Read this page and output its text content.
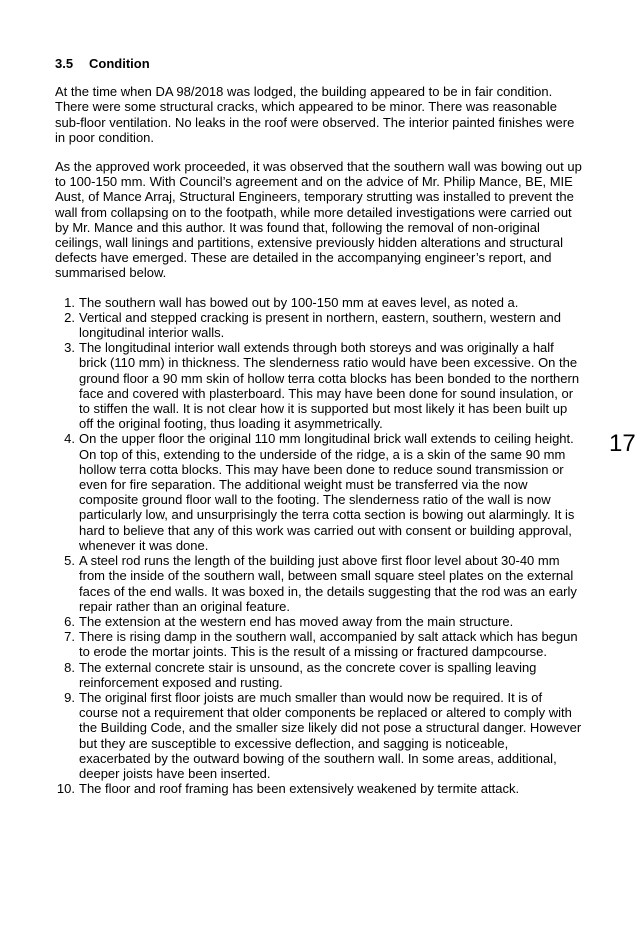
3.5	Condition

At the time when DA 98/2018 was lodged, the building appeared to be in fair condition. There were some structural cracks, which appeared to be minor. There was reasonable sub-floor ventilation. No leaks in the roof were observed. The interior painted finishes were in poor condition.

As the approved work proceeded, it was observed that the southern wall was bowing out up to 100-150 mm. With Council’s agreement and on the advice of Mr. Philip Mance, BE, MIE Aust, of Mance Arraj, Structural Engineers, temporary strutting was installed to prevent the wall from collapsing on to the footpath, while more detailed investigations were carried out by Mr. Mance and this author. It was found that, following the removal of non-original ceilings, wall linings and partitions, extensive previously hidden alterations and structural defects have emerged. These are detailed in the accompanying engineer’s report, and summarised below.

1. The southern wall has bowed out by 100-150 mm at eaves level, as noted a.
2. Vertical and stepped cracking is present in northern, eastern, southern, western and longitudinal interior walls.
3. The longitudinal interior wall extends through both storeys and was originally a half brick (110 mm) in thickness. The slenderness ratio would have been excessive. On the ground floor a 90 mm skin of hollow terra cotta blocks has been bonded to the northern face and covered with plasterboard. This may have been done for sound insulation, or to stiffen the wall. It is not clear how it is supported but most likely it has been built up off the original footing, thus loading it asymmetrically.
4. On the upper floor the original 110 mm longitudinal brick wall extends to ceiling height. On top of this, extending to the underside of the ridge, a is a skin of the same 90 mm hollow terra cotta blocks. This may have been done to reduce sound transmission or even for fire separation. The additional weight must be transferred via the now composite ground floor wall to the footing. The slenderness ratio of the wall is now particularly low, and unsurprisingly the terra cotta section is bowing out alarmingly. It is hard to believe that any of this work was carried out with consent or building approval, whenever it was done.
5. A steel rod runs the length of the building just above first floor level about 30-40 mm from the inside of the southern wall, between small square steel plates on the external faces of the end walls. It was boxed in, the details suggesting that the rod was an early repair rather than an original feature.
6. The extension at the western end has moved away from the main structure.
7. There is rising damp in the southern wall, accompanied by salt attack which has begun to erode the mortar joints. This is the result of a missing or fractured dampcourse.
8. The external concrete stair is unsound, as the concrete cover is spalling leaving reinforcement exposed and rusting.
9. The original first floor joists are much smaller than would now be required. It is of course not a requirement that older components be replaced or altered to comply with the Building Code, and the smaller size likely did not pose a structural danger. However but they are susceptible to excessive deflection, and sagging is noticeable, exacerbated by the outward bowing of the southern wall. In some areas, additional, deeper joists have been inserted.
10. The floor and roof framing has been extensively weakened by termite attack.
17
